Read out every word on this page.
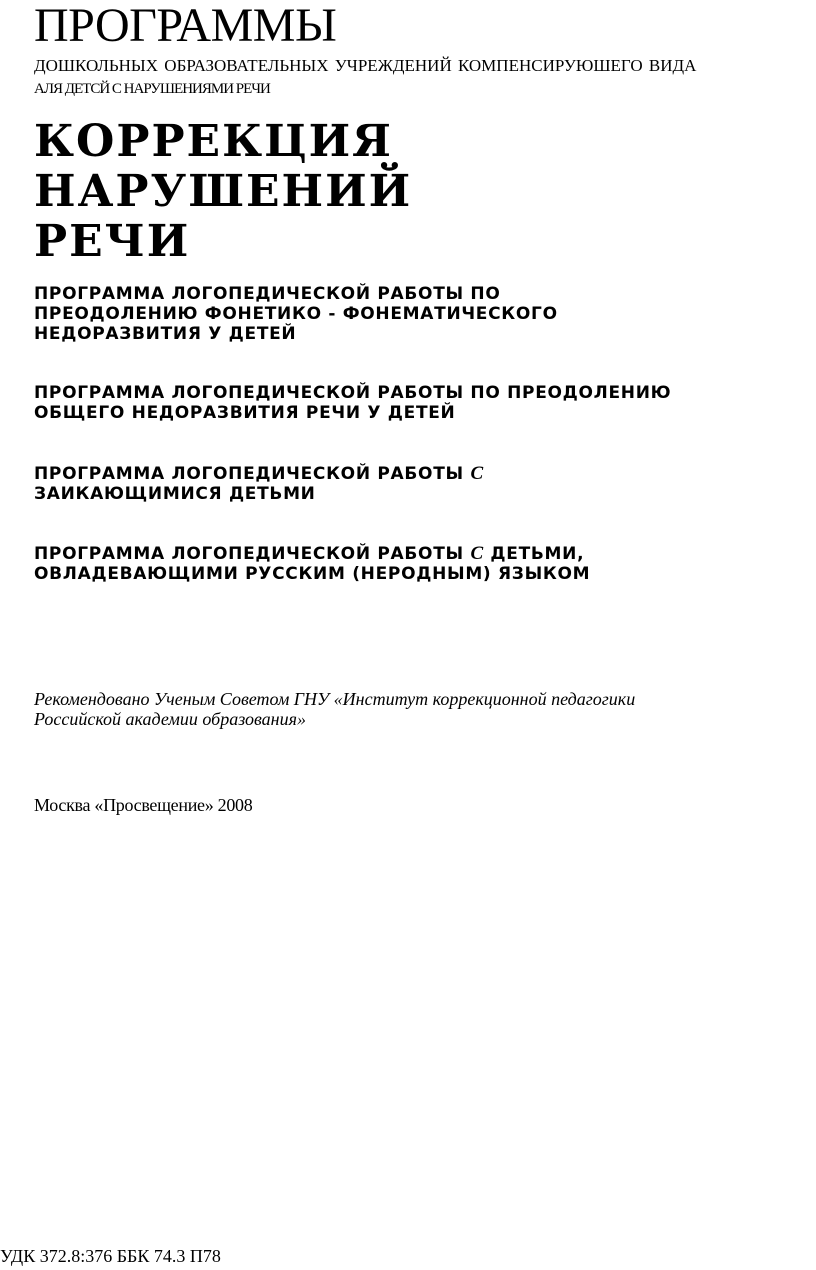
ПРОГРАММЫ
ДОШКОЛЬНЫХ ОБРАЗОВАТЕЛЬНЫХ УЧРЕЖДЕНИЙ КОМПЕНСИРУЮШЕГО ВИДА
АЛЯ ДЕТСЙ С НАРУШЕНИЯМИ РЕЧИ
КОРРЕКЦИЯ
НАРУШЕНИЙ
РЕЧИ
ПРОГРАММА ЛОГОПЕДИЧЕСКОЙ РАБОТЫ ПО
ПРЕОДОЛЕНИЮ ФОНЕТИКО - ФОНЕМАТИЧЕСКОГО
НЕДОРАЗВИТИЯ У ДЕТЕЙ
ПРОГРАММА ЛОГОПЕДИЧЕСКОЙ РАБОТЫ ПО ПРЕОДОЛЕНИЮ
ОБЩЕГО НЕДОРАЗВИТИЯ РЕЧИ У ДЕТЕЙ
ПРОГРАММА ЛОГОПЕДИЧЕСКОЙ РАБОТЫ С
ЗАИКАЮЩИМИСЯ ДЕТЬМИ
ПРОГРАММА ЛОГОПЕДИЧЕСКОЙ РАБОТЫ С ДЕТЬМИ,
ОВЛАДЕВАЮЩИМИ РУССКИМ (НЕРОДНЫМ) ЯЗЫКОМ
Рекомендовано Ученым Советом ГНУ «Институт коррекционной педагогики
Российской академии образования»
Москва «Просвещение» 2008
УДК 372.8:376 ББК 74.3 П78
